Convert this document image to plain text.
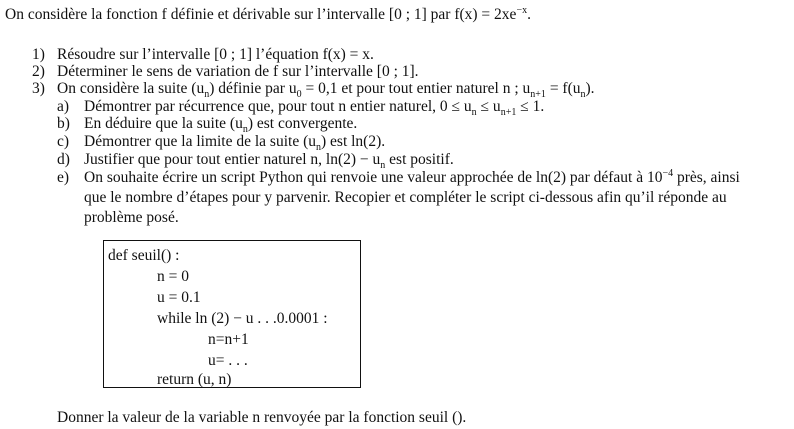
On considère la fonction f définie et dérivable sur l’intervalle [0 ; 1] par $f(x) = 2xe^{-x}$.
1) Résoudre sur l’intervalle [0 ; 1] l’équation f(x) = x.
2) Déterminer le sens de variation de f sur l’intervalle [0 ; 1].
3) On considère la suite $(u_n)$ définie par $u_0 = 0,1$ et pour tout entier naturel n ; $u_{n+1} = f(u_n)$.
a) Démontrer par récurrence que, pour tout n entier naturel, $0 \le u_n \le u_{n+1} \le 1$.
b) En déduire que la suite $(u_n)$ est convergente.
c) Démontrer que la limite de la suite $(u_n)$ est ln(2).
d) Justifier que pour tout entier naturel n, $\ln(2) - u_n$ est positif.
e) On souhaite écrire un script Python qui renvoie une valeur approchée de ln(2) par défaut à $10^{-4}$ près, ainsi
que le nombre d’étapes pour y parvenir. Recopier et compléter le script ci-dessous afin qu’il réponde au
problème posé.
def seuil() :
n = 0
u = 0.1
while ln (2) − u . . .0.0001 :
n=n+1
u= . . .
return (u, n)
Donner la valeur de la variable n renvoyée par la fonction seuil ().
